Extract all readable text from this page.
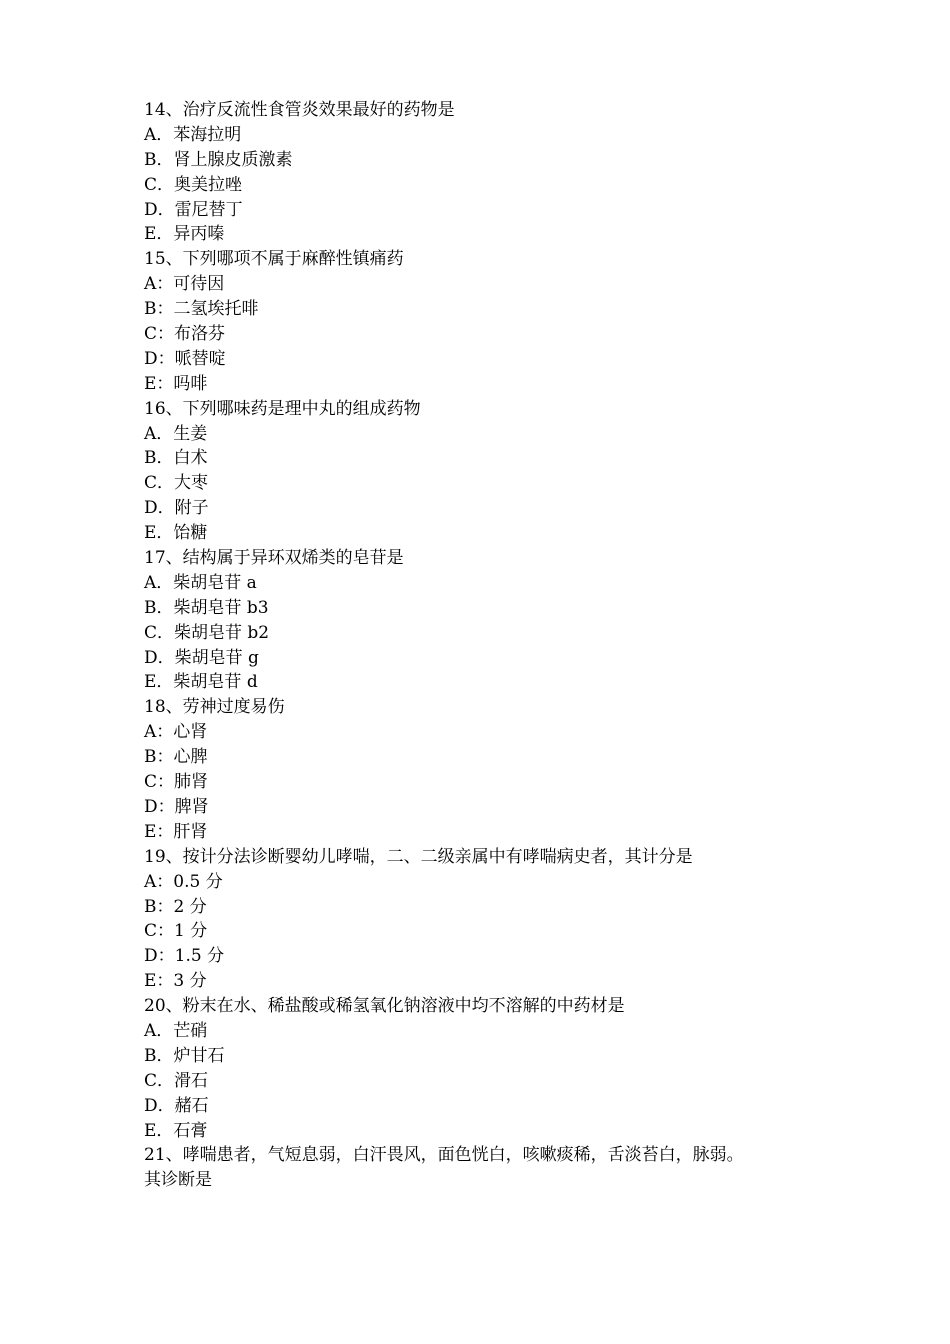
14、治疗反流性食管炎效果最好的药物是
A．苯海拉明
B．肾上腺皮质激素
C．奥美拉唑
D．雷尼替丁
E．异丙嗪
15、下列哪项不属于麻醉性镇痛药
A：可待因
B：二氢埃托啡
C：布洛芬
D：哌替啶
E：吗啡
16、下列哪味药是理中丸的组成药物
A．生姜
B．白术
C．大枣
D．附子
E．饴糖
17、结构属于异环双烯类的皂苷是
A．柴胡皂苷 a
B．柴胡皂苷 b3
C．柴胡皂苷 b2
D．柴胡皂苷 g
E．柴胡皂苷 d
18、劳神过度易伤
A：心肾
B：心脾
C：肺肾
D：脾肾
E：肝肾
19、按计分法诊断婴幼儿哮喘，二、二级亲属中有哮喘病史者，其计分是
A：0.5 分
B：2 分
C：1 分
D：1.5 分
E：3 分
20、粉末在水、稀盐酸或稀氢氧化钠溶液中均不溶解的中药材是
A．芒硝
B．炉甘石
C．滑石
D．赭石
E．石膏
21、哮喘患者，气短息弱，白汗畏风，面色恍白，咳嗽痰稀，舌淡苔白，脉弱。
其诊断是
